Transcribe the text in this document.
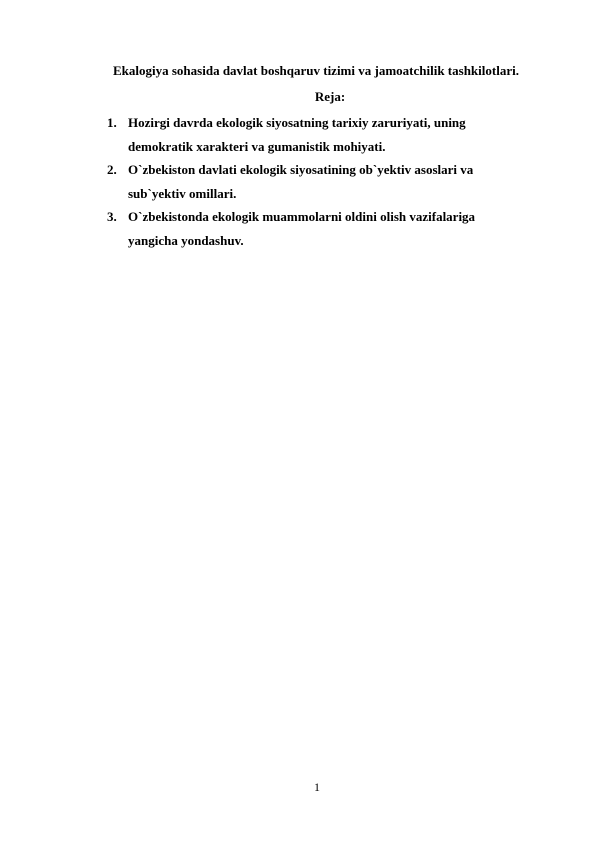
Ekalogiya sohasida davlat boshqaruv tizimi va jamoatchilik tashkilotlari.
Reja:
1. Hozirgi davrda ekologik siyosatning tarixiy zaruriyati, uning
demokratik xarakteri va gumanistik mohiyati.
2. O`zbekiston davlati ekologik siyosatining ob`yektiv asoslari va
sub`yektiv omillari.
3. O`zbekistonda ekologik muammolarni oldini olish vazifalariga
yangicha yondashuv.
1
